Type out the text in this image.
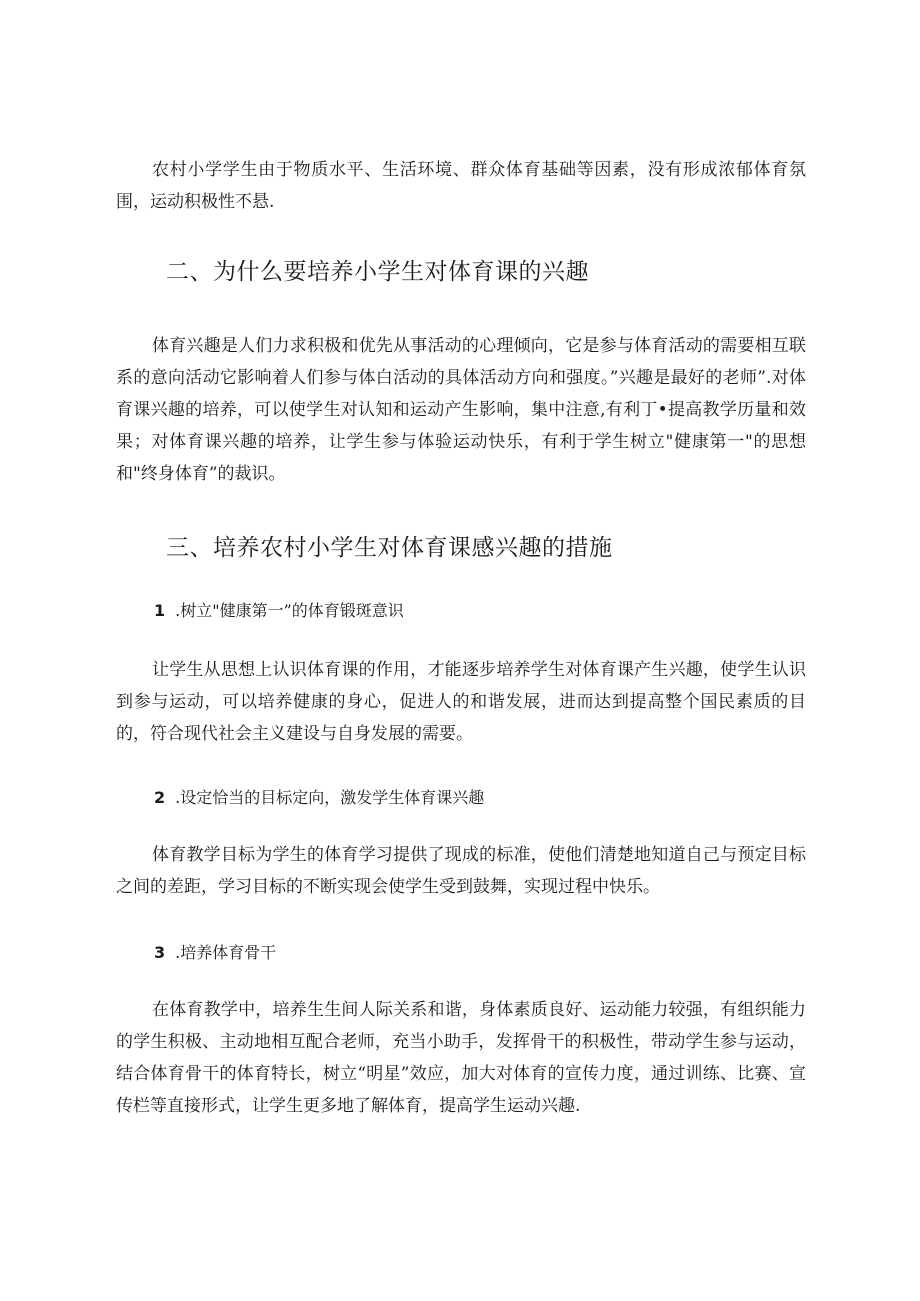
农村小学学生由于物质水平、生活环境、群众体育基础等因素，没有形成浓郁体育氛围，运动积极性不悬.

二、为什么要培养小学生对体育课的兴趣

体育兴趣是人们力求积极和优先从事活动的心理倾向，它是参与体育活动的需要相互联系的意向活动它影响着人们参与体白活动的具体活动方向和强度。”兴趣是最好的老师”.对体育课兴趣的培养，可以使学生对认知和运动产生影响，集中注意,有利丁•提高教学历量和效果；对体育课兴趣的培养，让学生参与体验运动快乐，有利于学生树立"健康第一"的思想和"终身体育”的裁识。

三、培养农村小学生对体育课感兴趣的措施
1 .树立"健康第一”的体育锻斑意识

让学生从思想上认识体育课的作用，才能逐步培养学生对体育课产生兴趣，使学生认识到参与运动，可以培养健康的身心，促进人的和谐发展，进而达到提高整个国民素质的目的，符合现代社会主义建设与自身发展的需要。

2 .设定恰当的目标定向，激发学生体育课兴趣

体育教学目标为学生的体育学习提供了现成的标准，使他们清楚地知道自己与预定目标之间的差距，学习目标的不断实现会使学生受到鼓舞，实现过程中快乐。

3 .培养体育骨干

在体育教学中，培养生生间人际关系和谐，身体素质良好、运动能力较强，有组织能力的学生积极、主动地相互配合老师，充当小助手，发挥骨干的积极性，带动学生参与运动，结合体育骨干的体育特长，树立“明星”效应，加大对体育的宣传力度，通过训练、比赛、宣传栏等直接形式，让学生更多地了解体育，提高学生运动兴趣.
